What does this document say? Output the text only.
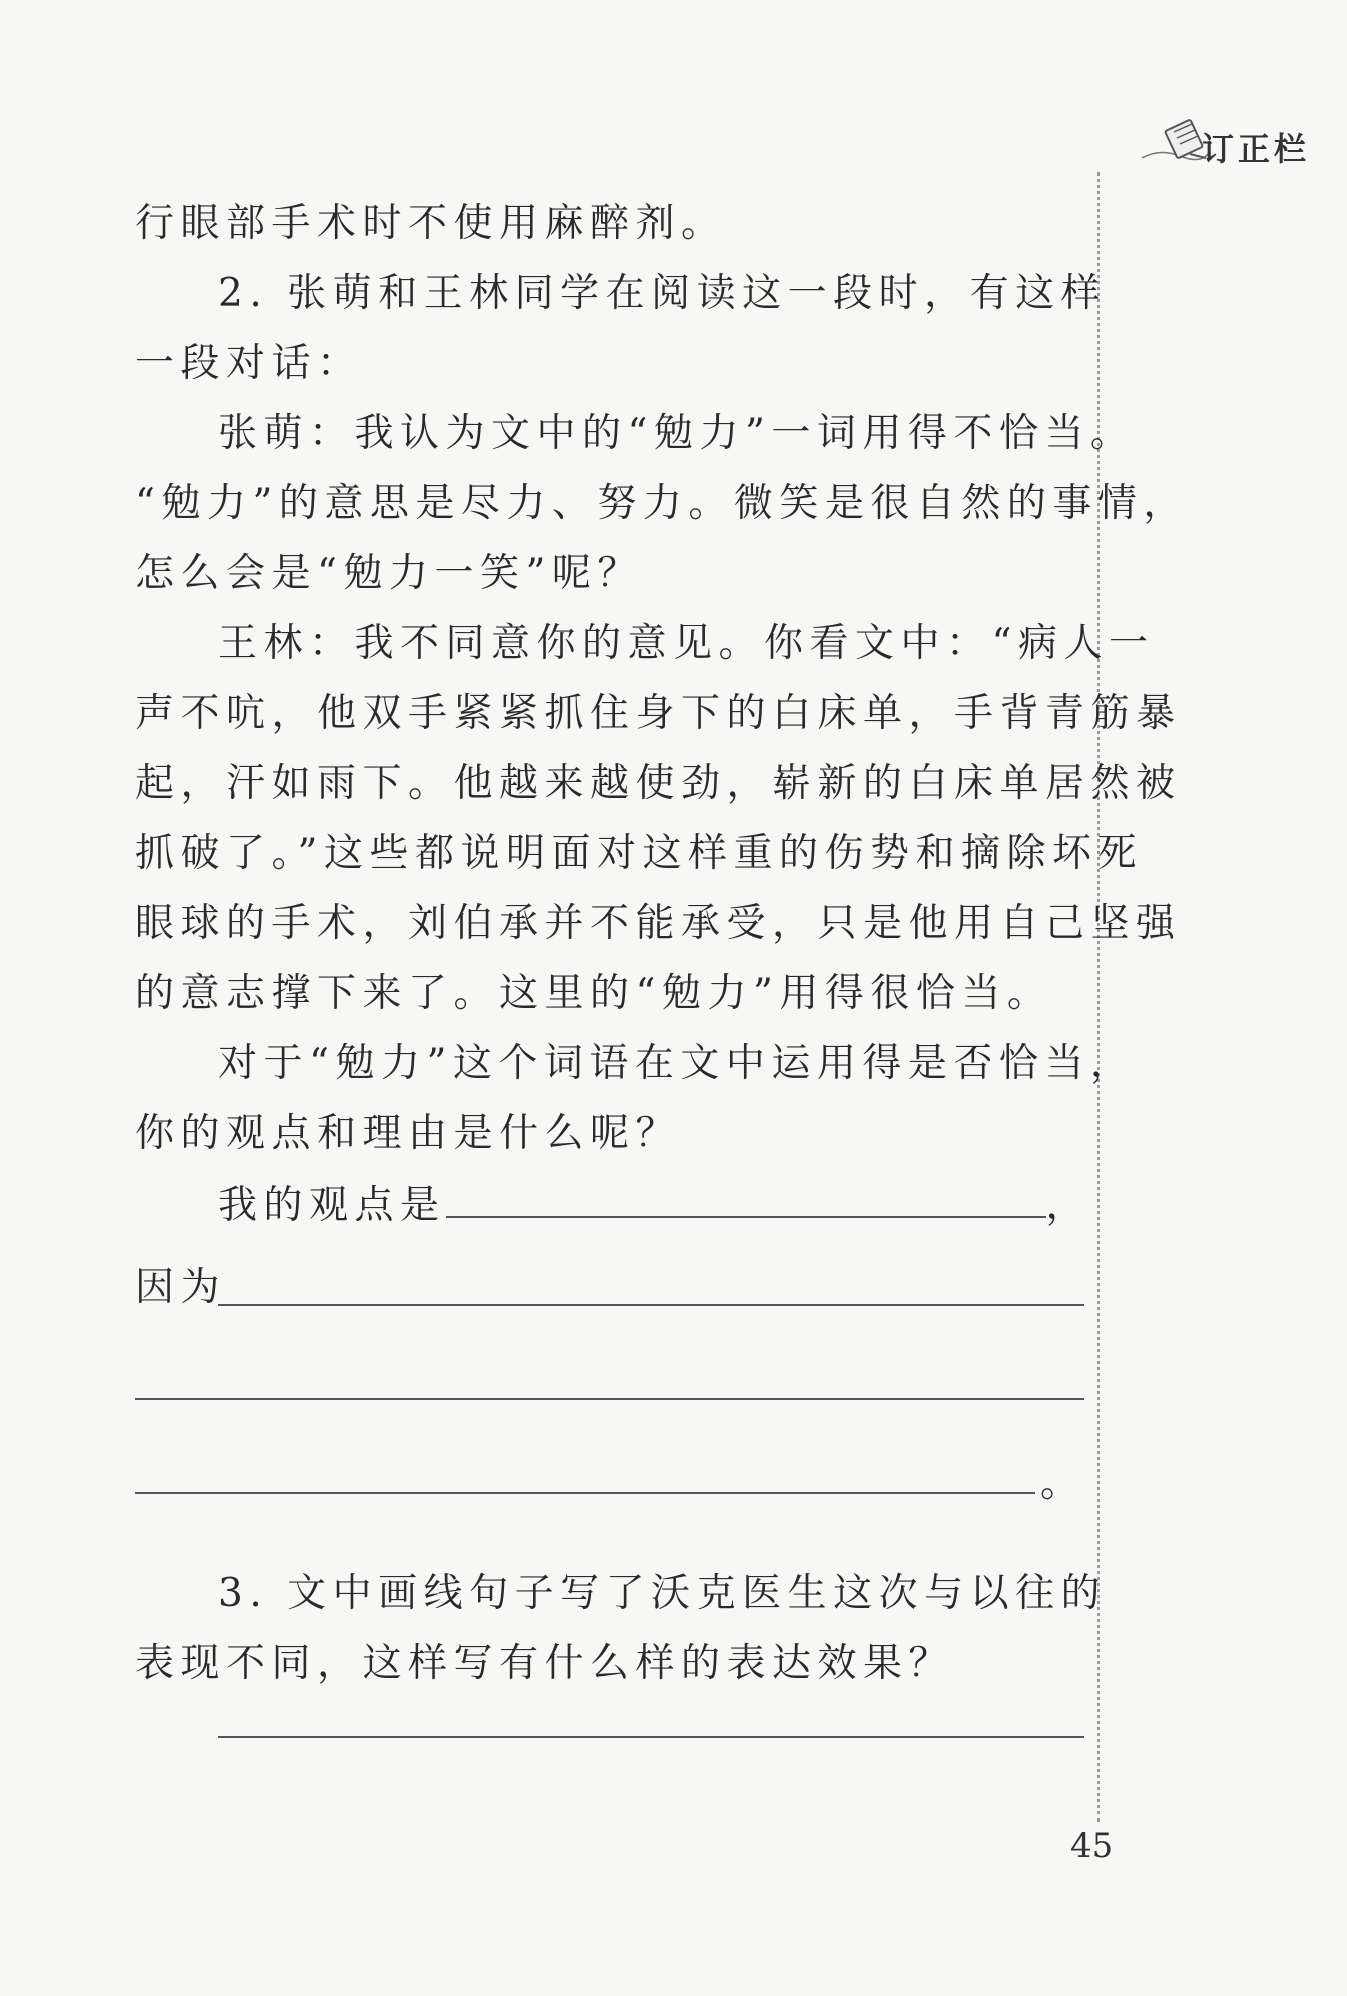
订正栏
行眼部手术时不使用麻醉剂。
2. 张萌和王林同学在阅读这一段时，有这样
一段对话：
张萌：我认为文中的“勉力”一词用得不恰当。
“勉力”的意思是尽力、努力。微笑是很自然的事情，
怎么会是“勉力一笑”呢？
王林：我不同意你的意见。你看文中：“病人一
声不吭，他双手紧紧抓住身下的白床单，手背青筋暴
起，汗如雨下。他越来越使劲，崭新的白床单居然被
抓破了。”这些都说明面对这样重的伤势和摘除坏死
眼球的手术，刘伯承并不能承受，只是他用自己坚强
的意志撑下来了。这里的“勉力”用得很恰当。
对于“勉力”这个词语在文中运用得是否恰当，
你的观点和理由是什么呢？
我的观点是	，
因为
。
3. 文中画线句子写了沃克医生这次与以往的
表现不同，这样写有什么样的表达效果？
45
